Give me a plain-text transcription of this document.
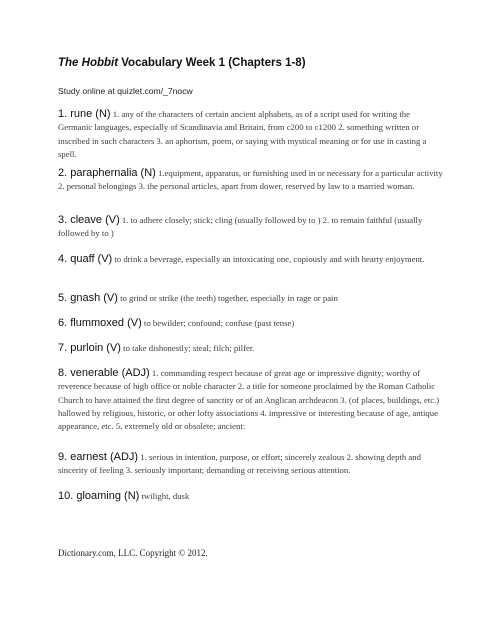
The Hobbit Vocabulary Week 1 (Chapters 1-8)
Study online at quizlet.com/_7nocw
1. rune (N) 1. any of the characters of certain ancient alphabets, as of a script used for writing the Germanic languages, especially of Scandinavia and Britain, from c200 to c1200 2. something written or inscribed in such characters 3. an aphorism, poem, or saying with mystical meaning or for use in casting a spell.
2. paraphernalia (N) 1.equipment, apparatus, or furnishing used in or necessary for a particular activity 2. personal belongings 3. the personal articles, apart from dower, reserved by law to a married woman.
3. cleave (V) 1. to adhere closely; stick; cling (usually followed by to ) 2. to remain faithful (usually followed by to )
4. quaff (V) to drink a beverage, especially an intoxicating one, copiously and with hearty enjoyment.
5. gnash (V) to grind or strike (the teeth) together, especially in rage or pain
6. flummoxed (V) to bewilder; confound; confuse (past tense)
7. purloin (V) to take dishonestly; steal; filch; pilfer.
8. venerable (ADJ) 1. commanding respect because of great age or impressive dignity; worthy of reverence because of high office or noble character 2. a title for someone proclaimed by the Roman Catholic Church to have attained the first degree of sanctity or of an Anglican archdeacon 3. (of places, buildings, etc.) hallowed by religious, historic, or other lofty associations 4. impressive or interesting because of age, antique appearance, etc. 5. extremely old or obsolete; ancient:
9. earnest (ADJ) 1. serious in intention, purpose, or effort; sincerely zealous 2. showing depth and sincerity of feeling 3. seriously important; demanding or receiving serious attention.
10. gloaming (N) twilight, dusk
Dictionary.com, LLC. Copyright © 2012.
